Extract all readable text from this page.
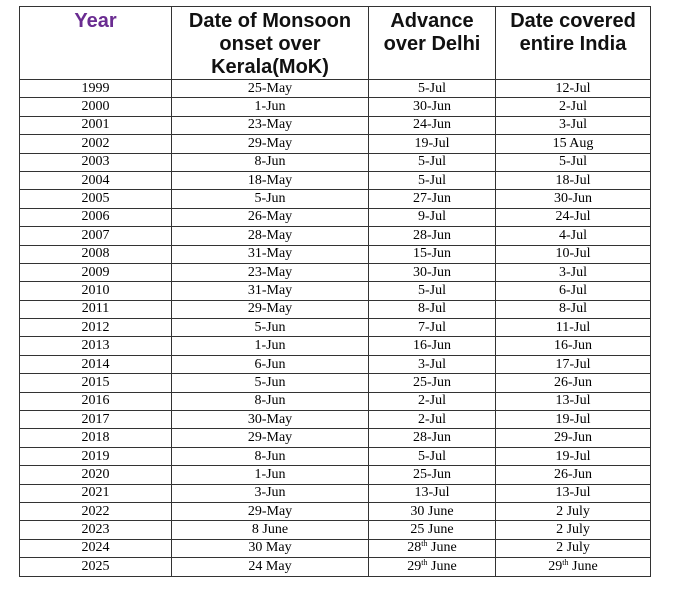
Year	Date of Monsoon onset over Kerala(MoK)	Advance over Delhi	Date covered entire India
1999	25-May	5-Jul	12-Jul
2000	1-Jun	30-Jun	2-Jul
2001	23-May	24-Jun	3-Jul
2002	29-May	19-Jul	15 Aug
2003	8-Jun	5-Jul	5-Jul
2004	18-May	5-Jul	18-Jul
2005	5-Jun	27-Jun	30-Jun
2006	26-May	9-Jul	24-Jul
2007	28-May	28-Jun	4-Jul
2008	31-May	15-Jun	10-Jul
2009	23-May	30-Jun	3-Jul
2010	31-May	5-Jul	6-Jul
2011	29-May	8-Jul	8-Jul
2012	5-Jun	7-Jul	11-Jul
2013	1-Jun	16-Jun	16-Jun
2014	6-Jun	3-Jul	17-Jul
2015	5-Jun	25-Jun	26-Jun
2016	8-Jun	2-Jul	13-Jul
2017	30-May	2-Jul	19-Jul
2018	29-May	28-Jun	29-Jun
2019	8-Jun	5-Jul	19-Jul
2020	1-Jun	25-Jun	26-Jun
2021	3-Jun	13-Jul	13-Jul
2022	29-May	30 June	2 July
2023	8 June	25 June	2 July
2024	30 May	28th June	2 July
2025	24 May	29th June	29th June
